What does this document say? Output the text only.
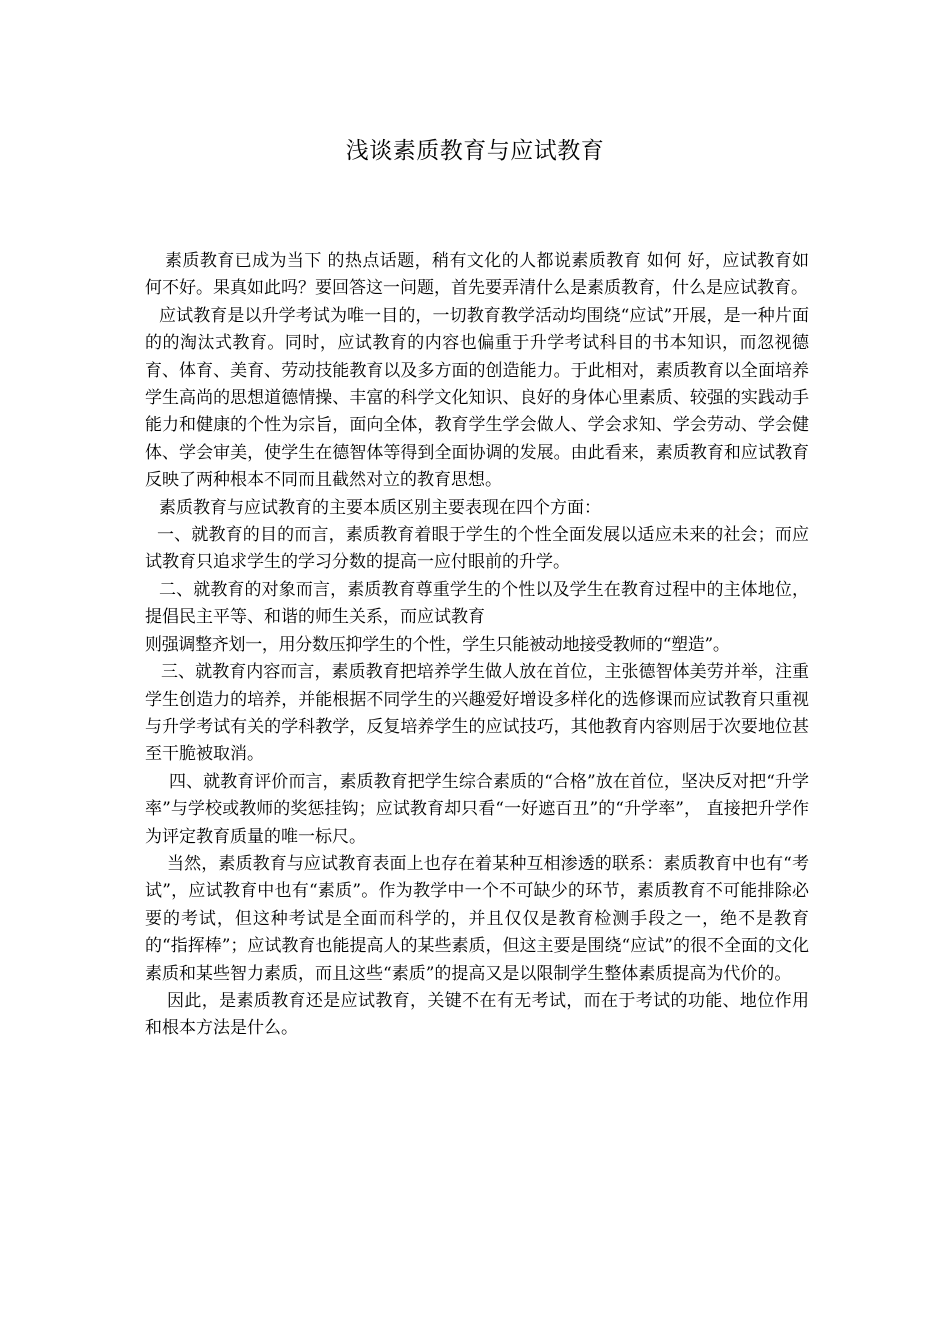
浅谈素质教育与应试教育

素质教育已成为当下 的热点话题，稍有文化的人都说素质教育 如何 好，应试教育如何不好。果真如此吗？要回答这一问题，首先要弄清什么是素质教育，什么是应试教育。

应试教育是以升学考试为唯一目的，一切教育教学活动均围绕“应试”开展，是一种片面的的淘汰式教育。同时，应试教育的内容也偏重于升学考试科目的书本知识，而忽视德育、体育、美育、劳动技能教育以及多方面的创造能力。于此相对，素质教育以全面培养学生高尚的思想道德情操、丰富的科学文化知识、良好的身体心里素质、较强的实践动手能力和健康的个性为宗旨，面向全体，教育学生学会做人、学会求知、学会劳动、学会健体、学会审美，使学生在德智体等得到全面协调的发展。由此看来，素质教育和应试教育反映了两种根本不同而且截然对立的教育思想。

素质教育与应试教育的主要本质区别主要表现在四个方面：

一、就教育的目的而言，素质教育着眼于学生的个性全面发展以适应未来的社会；而应试教育只追求学生的学习分数的提高一应付眼前的升学。

二、就教育的对象而言，素质教育尊重学生的个性以及学生在教育过程中的主体地位，提倡民主平等、和谐的师生关系，而应试教育

则强调整齐划一，用分数压抑学生的个性，学生只能被动地接受教师的“塑造”。

三、就教育内容而言，素质教育把培养学生做人放在首位，主张德智体美劳并举，注重学生创造力的培养，并能根据不同学生的兴趣爱好增设多样化的选修课而应试教育只重视与升学考试有关的学科教学，反复培养学生的应试技巧，其他教育内容则居于次要地位甚至干脆被取消。

四、就教育评价而言，素质教育把学生综合素质的“合格”放在首位，坚决反对把“升学率”与学校或教师的奖惩挂钩；应试教育却只看“一好遮百丑”的“升学率”， 直接把升学作为评定教育质量的唯一标尺。

当然，素质教育与应试教育表面上也存在着某种互相渗透的联系：素质教育中也有“考试”，应试教育中也有“素质”。作为教学中一个不可缺少的环节，素质教育不可能排除必要的考试，但这种考试是全面而科学的，并且仅仅是教育检测手段之一，绝不是教育的“指挥棒”；应试教育也能提高人的某些素质，但这主要是围绕“应试”的很不全面的文化素质和某些智力素质，而且这些“素质”的提高又是以限制学生整体素质提高为代价的。

因此，是素质教育还是应试教育，关键不在有无考试，而在于考试的功能、地位作用和根本方法是什么。
